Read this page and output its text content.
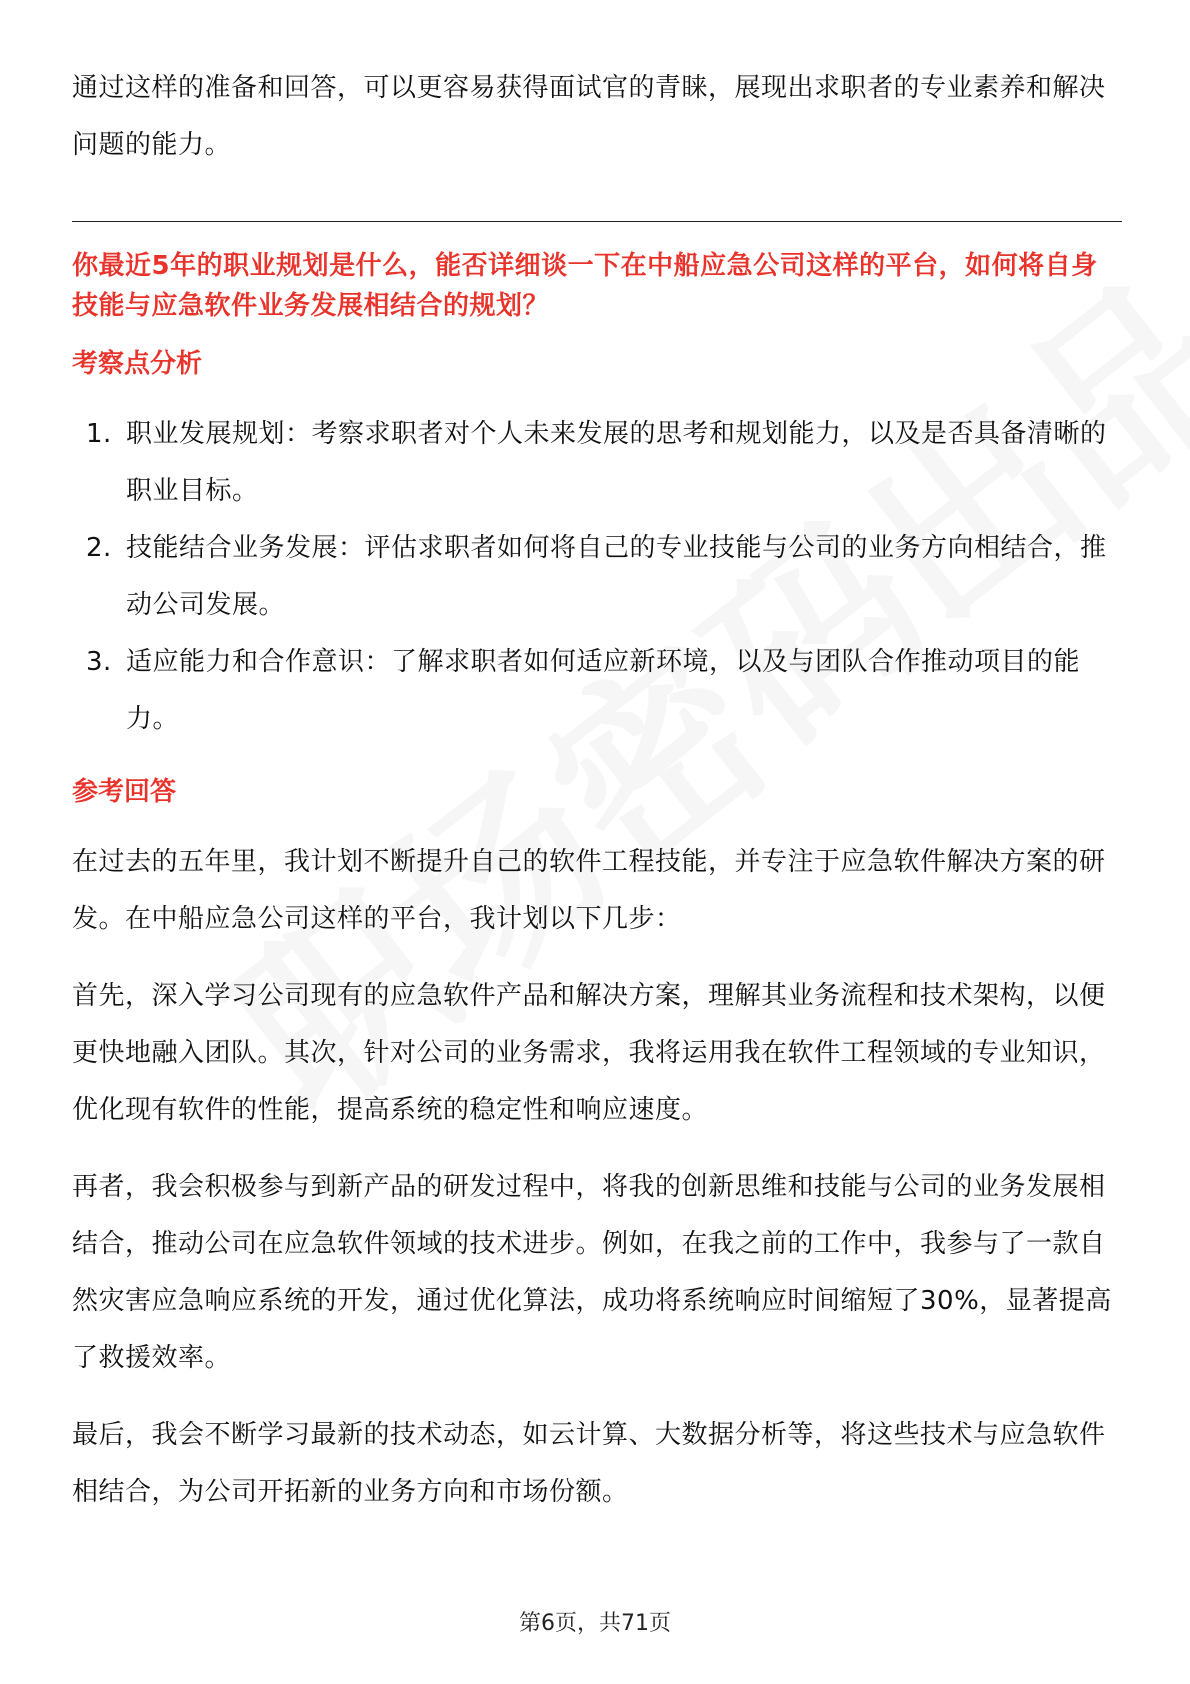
通过这样的准备和回答，可以更容易获得面试官的青睐，展现出求职者的专业素养和解决问题的能力。

你最近5年的职业规划是什么，能否详细谈一下在中船应急公司这样的平台，如何将自身技能与应急软件业务发展相结合的规划？

考察点分析
1. 职业发展规划：考察求职者对个人未来发展的思考和规划能力，以及是否具备清晰的职业目标。
2. 技能结合业务发展：评估求职者如何将自己的专业技能与公司的业务方向相结合，推动公司发展。
3. 适应能力和合作意识：了解求职者如何适应新环境，以及与团队合作推动项目的能力。
参考回答

在过去的五年里，我计划不断提升自己的软件工程技能，并专注于应急软件解决方案的研发。在中船应急公司这样的平台，我计划以下几步：

首先，深入学习公司现有的应急软件产品和解决方案，理解其业务流程和技术架构，以便更快地融入团队。其次，针对公司的业务需求，我将运用我在软件工程领域的专业知识，优化现有软件的性能，提高系统的稳定性和响应速度。

再者，我会积极参与到新产品的研发过程中，将我的创新思维和技能与公司的业务发展相结合，推动公司在应急软件领域的技术进步。例如，在我之前的工作中，我参与了一款自然灾害应急响应系统的开发，通过优化算法，成功将系统响应时间缩短了30%，显著提高了救援效率。

最后，我会不断学习最新的技术动态，如云计算、大数据分析等，将这些技术与应急软件相结合，为公司开拓新的业务方向和市场份额。

第6页，共71页
